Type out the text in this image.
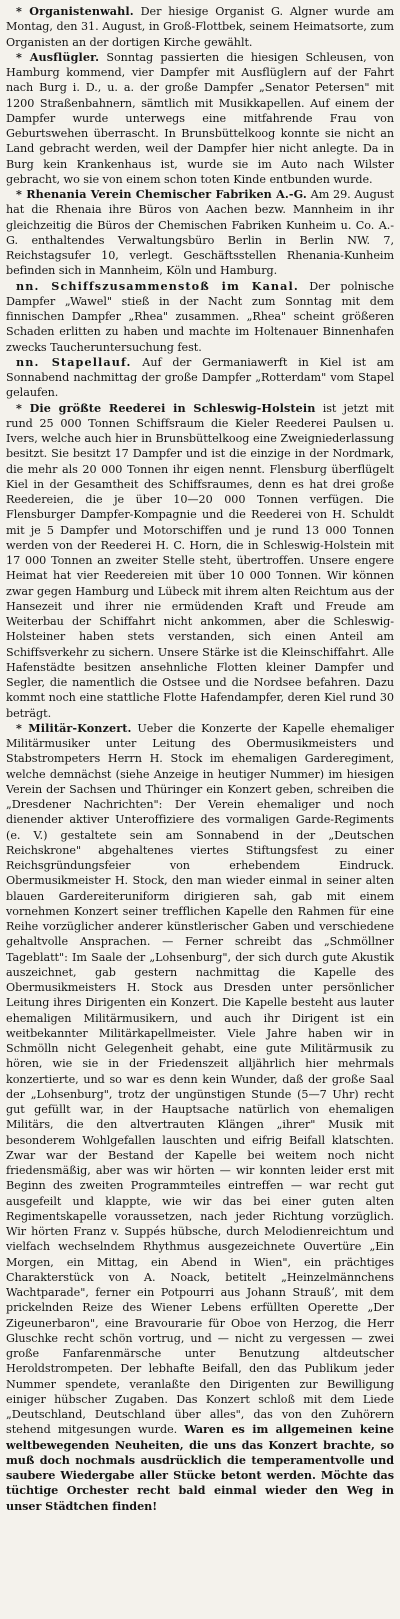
* Organistenwahl. Der hiesige Organist G. Algner wurde am Montag, den 31. August, in Groß-Flottbek, seinem Heimatsorte, zum Organisten an der dortigen Kirche gewählt.

* Ausflügler. Sonntag passierten die hiesigen Schleusen, von Hamburg kommend, vier Dampfer mit Ausflüglern auf der Fahrt nach Burg i. D., u. a. der große Dampfer „Senator Petersen" mit 1200 Straßenbahnern, sämtlich mit Musikkapellen. Auf einem der Dampfer wurde unterwegs eine mitfahrende Frau von Geburtswehen überrascht. In Brunsbüttelkoog konnte sie nicht an Land gebracht werden, weil der Dampfer hier nicht anlegte. Da in Burg kein Krankenhaus ist, wurde sie im Auto nach Wilster gebracht, wo sie von einem schon toten Kinde entbunden wurde.

* Rhenania Verein Chemischer Fabriken A.-G. Am 29. August hat die Rhenaia ihre Büros von Aachen bezw. Mannheim in ihr gleichzeitig die Büros der Chemischen Fabriken Kunheim u. Co. A.-G. enthaltendes Verwaltungsbüro Berlin in Berlin NW. 7, Reichstagsufer 10, verlegt. Geschäftsstellen Rhenania-Kunheim befinden sich in Mannheim, Köln und Hamburg.

nn. Schiffszusammenstoß im Kanal. Der polnische Dampfer „Wawel" stieß in der Nacht zum Sonntag mit dem finnischen Dampfer „Rhea" zusammen. „Rhea" scheint größeren Schaden erlitten zu haben und machte im Holtenauer Binnenhafen zwecks Taucheruntersuchung fest.

nn. Stapellauf. Auf der Germaniawerft in Kiel ist am Sonnabend nachmittag der große Dampfer „Rotterdam" vom Stapel gelaufen.

* Die größte Reederei in Schleswig-Holstein ist jetzt mit rund 25 000 Tonnen Schiffsraum die Kieler Reederei Paulsen u. Ivers, welche auch hier in Brunsbüttelkoog eine Zweigniederlassung besitzt. Sie besitzt 17 Dampfer und ist die einzige in der Nordmark, die mehr als 20 000 Tonnen ihr eigen nennt. Flensburg überflügelt Kiel in der Gesamtheit des Schiffsraumes, denn es hat drei große Reedereien, die je über 10—20 000 Tonnen verfügen. Die Flensburger Dampfer-Kompagnie und die Reederei von H. Schuldt mit je 5 Dampfer und Motorschiffen und je rund 13 000 Tonnen werden von der Reederei H. C. Horn, die in Schleswig-Holstein mit 17 000 Tonnen an zweiter Stelle steht, übertroffen. Unsere engere Heimat hat vier Reedereien mit über 10 000 Tonnen. Wir können zwar gegen Hamburg und Lübeck mit ihrem alten Reichtum aus der Hansezeit und ihrer nie ermüdenden Kraft und Freude am Weiterbau der Schiffahrt nicht ankommen, aber die Schleswig-Holsteiner haben stets verstanden, sich einen Anteil am Schiffsverkehr zu sichern. Unsere Stärke ist die Kleinschiffahrt. Alle Hafenstädte besitzen ansehnliche Flotten kleiner Dampfer und Segler, die namentlich die Ostsee und die Nordsee befahren. Dazu kommt noch eine stattliche Flotte Hafendampfer, deren Kiel rund 30 beträgt.

* Militär-Konzert. Ueber die Konzerte der Kapelle ehemaliger Militärmusiker unter Leitung des Obermusikmeisters und Stabstrompeters Herrn H. Stock im ehemaligen Garderegiment, welche demnächst (siehe Anzeige in heutiger Nummer) im hiesigen Verein der Sachsen und Thüringer ein Konzert geben, schreiben die „Dresdener Nachrichten": Der Verein ehemaliger und noch dienender aktiver Unteroffiziere des vormaligen Garde-Regiments (e. V.) gestaltete sein am Sonnabend in der „Deutschen Reichskrone" abgehaltenes viertes Stiftungsfest zu einer Reichsgründungsfeier von erhebendem Eindruck. Obermusikmeister H. Stock, den man wieder einmal in seiner alten blauen Gardereiteruniform dirigieren sah, gab mit einem vornehmen Konzert seiner trefflichen Kapelle den Rahmen für eine Reihe vorzüglicher anderer künstlerischer Gaben und verschiedene gehaltvolle Ansprachen. — Ferner schreibt das „Schmöllner Tageblatt": Im Saale der „Lohsenburg", der sich durch gute Akustik auszeichnet, gab gestern nachmittag die Kapelle des Obermusikmeisters H. Stock aus Dresden unter persönlicher Leitung ihres Dirigenten ein Konzert. Die Kapelle besteht aus lauter ehemaligen Militärmusikern, und auch ihr Dirigent ist ein weitbekannter Militärkapellmeister. Viele Jahre haben wir in Schmölln nicht Gelegenheit gehabt, eine gute Militärmusik zu hören, wie sie in der Friedenszeit alljährlich hier mehrmals konzertierte, und so war es denn kein Wunder, daß der große Saal der „Lohsenburg", trotz der ungünstigen Stunde (5—7 Uhr) recht gut gefüllt war, in der Hauptsache natürlich von ehemaligen Militärs, die den altvertrauten Klängen „ihrer" Musik mit besonderem Wohlgefallen lauschten und eifrig Beifall klatschten. Zwar war der Bestand der Kapelle bei weitem noch nicht friedensmäßig, aber was wir hörten — wir konnten leider erst mit Beginn des zweiten Programmteiles eintreffen — war recht gut ausgefeilt und klappte, wie wir das bei einer guten alten Regimentskapelle voraussetzen, nach jeder Richtung vorzüglich. Wir hörten Franz v. Suppés hübsche, durch Melodienreichtum und vielfach wechselndem Rhythmus ausgezeichnete Ouvertüre „Ein Morgen, ein Mittag, ein Abend in Wien", ein prächtiges Charakterstück von A. Noack, betitelt „Heinzelmännchens Wachtparade", ferner ein Potpourri aus Johann Straußʼ, mit dem prickelnden Reize des Wiener Lebens erfüllten Operette „Der Zigeunerbaron", eine Bravourarie für Oboe von Herzog, die Herr Gluschke recht schön vortrug, und — nicht zu vergessen — zwei große Fanfarenmärsche unter Benutzung altdeutscher Heroldstrompeten. Der lebhafte Beifall, den das Publikum jeder Nummer spendete, veranlaßte den Dirigenten zur Bewilligung einiger hübscher Zugaben. Das Konzert schloß mit dem Liede „Deutschland, Deutschland über alles", das von den Zuhörern stehend mitgesungen wurde. Waren es im allgemeinen keine weltbewegenden Neuheiten, die uns das Konzert brachte, so muß doch nochmals ausdrücklich die temperamentvolle und saubere Wiedergabe aller Stücke betont werden. Möchte das tüchtige Orchester recht bald einmal wieder den Weg in unser Städtchen finden!
